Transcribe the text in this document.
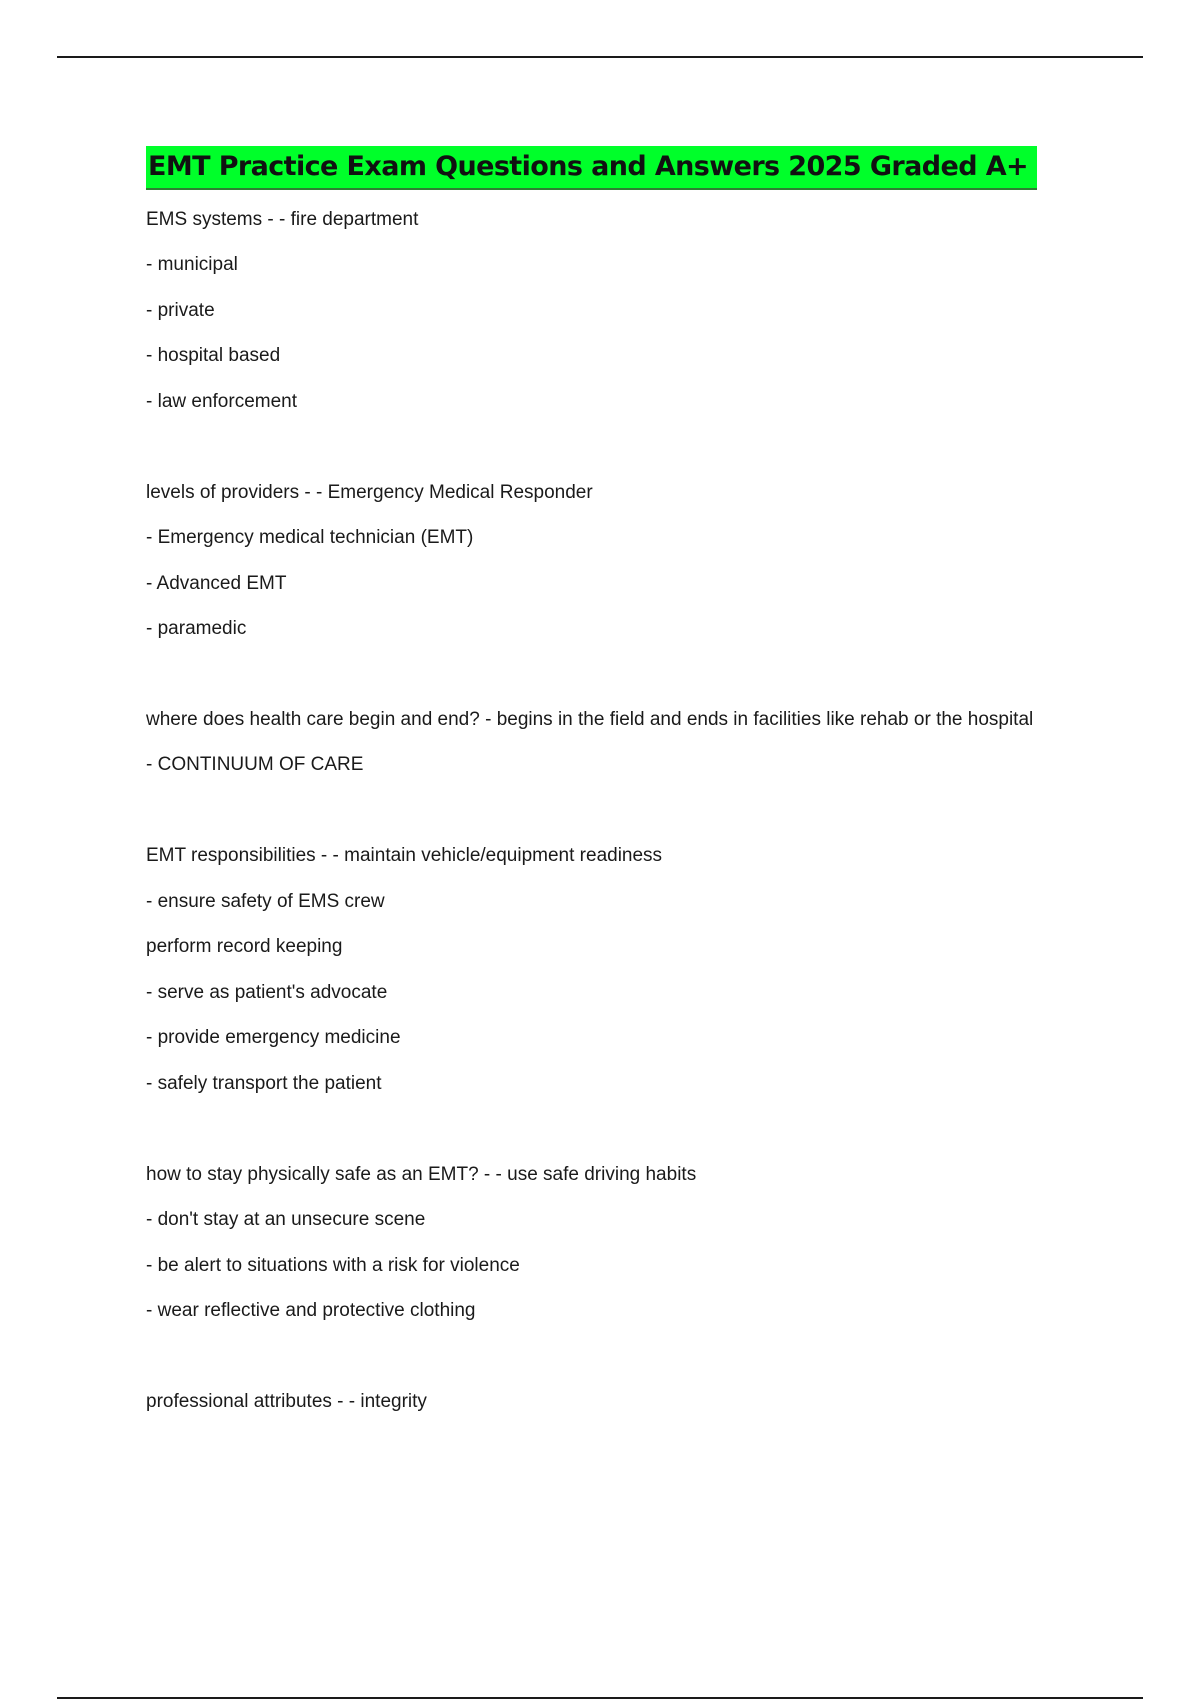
EMT Practice Exam Questions and Answers 2025 Graded A+
EMS systems - - fire department
- municipal
- private
- hospital based
- law enforcement
levels of providers - - Emergency Medical Responder
- Emergency medical technician (EMT)
- Advanced EMT
- paramedic
where does health care begin and end? - begins in the field and ends in facilities like rehab or the hospital
- CONTINUUM OF CARE
EMT responsibilities - - maintain vehicle/equipment readiness
- ensure safety of EMS crew
perform record keeping
- serve as patient's advocate
- provide emergency medicine
- safely transport the patient
how to stay physically safe as an EMT? - - use safe driving habits
- don't stay at an unsecure scene
- be alert to situations with a risk for violence
- wear reflective and protective clothing
professional attributes - - integrity
